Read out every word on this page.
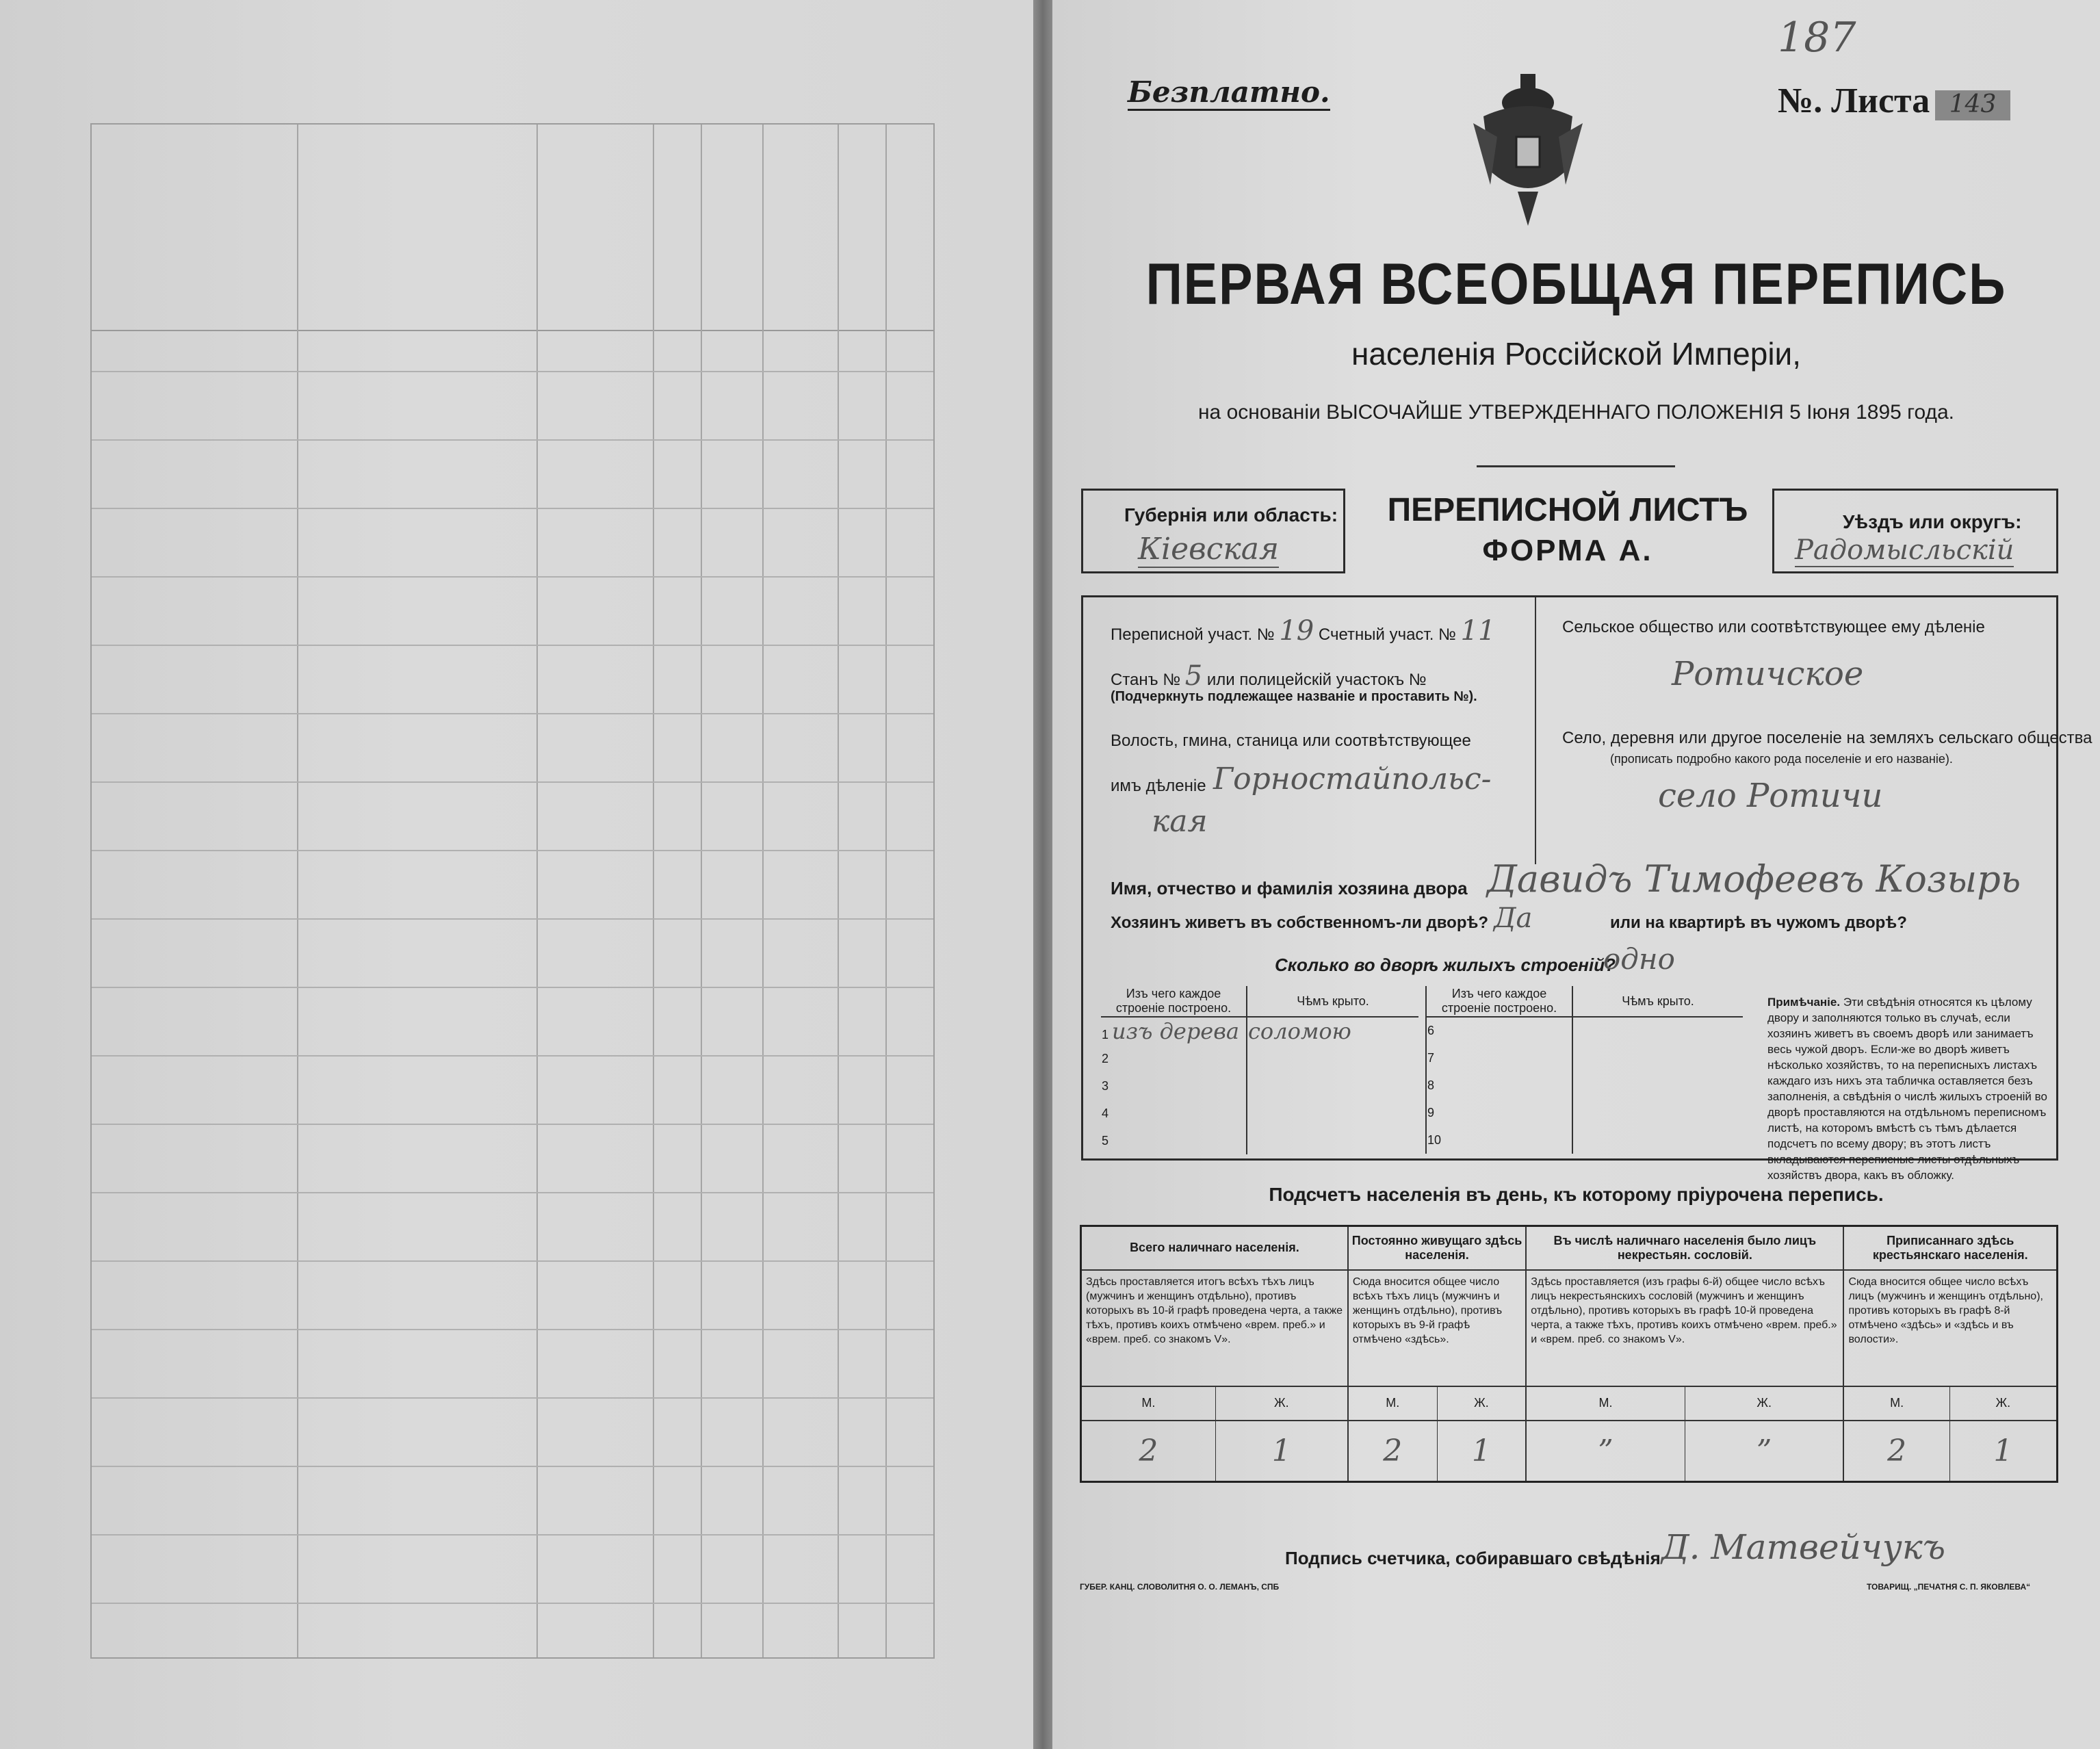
Безплатно.
187
№. Листа 143
ПЕРВАЯ ВСЕОБЩАЯ ПЕРЕПИСЬ
населенія Россійской Имперіи,
на основаніи ВЫСОЧАЙШЕ УТВЕРЖДЕННАГО ПОЛОЖЕНІЯ 5 Іюня 1895 года.
Губернія или область:
Кіевская
ПЕРЕПИСНОЙ ЛИСТЪ
ФОРМА А.
Уѣздъ или округъ:
Радомысльскій
Переписной участ. № 19 Счетный участ. № 11
Станъ № 5 или полицейскій участокъ №
(Подчеркнуть подлежащее названіе и проставить №).
Волость, гмина, станица или соотвѣтствующее
имъ дѣленіе Горностайпольс-
кая
Сельское общество или соотвѣтствующее ему дѣленіе
Ротичское
Село, деревня или другое поселеніе на земляхъ сельскаго общества
(прописать подробно какого рода поселеніе и его названіе).
село Ротичи
Имя, отчество и фамилія хозяина двора Давидъ Тимофеевъ Козырь
Хозяинъ живетъ въ собственномъ-ли дворѣ? Да	или на квартирѣ въ чужомъ дворѣ?
Сколько во дворѣ жилыхъ строеній?
одно
Изъ чего каждое строеніе построено.	Чѣмъ крыто.
1 изъ дерева	соломою
2	
3	
4	
5	
Изъ чего каждое строеніе построено.	Чѣмъ крыто.
6	
7	
8	
9	
10	
Примѣчаніе. Эти свѣдѣнія относятся къ цѣлому двору и заполняются только въ случаѣ, если хозяинъ живетъ въ своемъ дворѣ или занимаетъ весь чужой дворъ. Если-же во дворѣ живетъ нѣсколько хозяйствъ, то на переписныхъ листахъ каждаго изъ нихъ эта табличка оставляется безъ заполненія, а свѣдѣнія о числѣ жилыхъ строеній во дворѣ проставляются на отдѣльномъ переписномъ листѣ, на которомъ вмѣстѣ съ тѣмъ дѣлается подсчетъ по всему двору; въ этотъ листъ вкладываются переписные листы отдѣльныхъ хозяйствъ двора, какъ въ обложку.
Подсчетъ населенія въ день, къ которому пріурочена перепись.
Всего наличнаго населенія.		Постоянно живущаго здѣсь населенія.		Въ числѣ наличнаго населенія было лицъ некрестьян. сословій.		Приписаннаго здѣсь крестьянскаго населенія.	
Здѣсь проставляется итогъ всѣхъ тѣхъ лицъ (мужчинъ и женщинъ отдѣльно), противъ которыхъ въ 10-й графѣ проведена черта, а также тѣхъ, противъ коихъ отмѣчено «врем. преб.» и «врем. преб. со знакомъ V».		Сюда вносится общее число всѣхъ тѣхъ лицъ (мужчинъ и женщинъ отдѣльно), противъ которыхъ въ 9-й графѣ отмѣчено «здѣсь».		Здѣсь проставляется (изъ графы 6-й) общее число всѣхъ лицъ некрестьянскихъ сословій (мужчинъ и женщинъ отдѣльно), противъ которыхъ въ графѣ 10-й проведена черта, а также тѣхъ, противъ коихъ отмѣчено «врем. преб.» и «врем. преб. со знакомъ V».		Сюда вносится общее число всѣхъ лицъ (мужчинъ и женщинъ отдѣльно), противъ которыхъ въ графѣ 8-й отмѣчено «здѣсь» и «здѣсь и въ волости».	
М.	Ж.	М.	Ж.	М.	Ж.	М.	Ж.
2	1	2	1	”	”	2	1
Подпись счетчика, собиравшаго свѣдѣнія Д. Матвейчукъ
ГУБЕР. КАНЦ. СЛОВОЛИТНЯ О. О. ЛЕМАНЪ, СПБ	ТОВАРИЩ. „ПЕЧАТНЯ С. П. ЯКОВЛЕВА“
